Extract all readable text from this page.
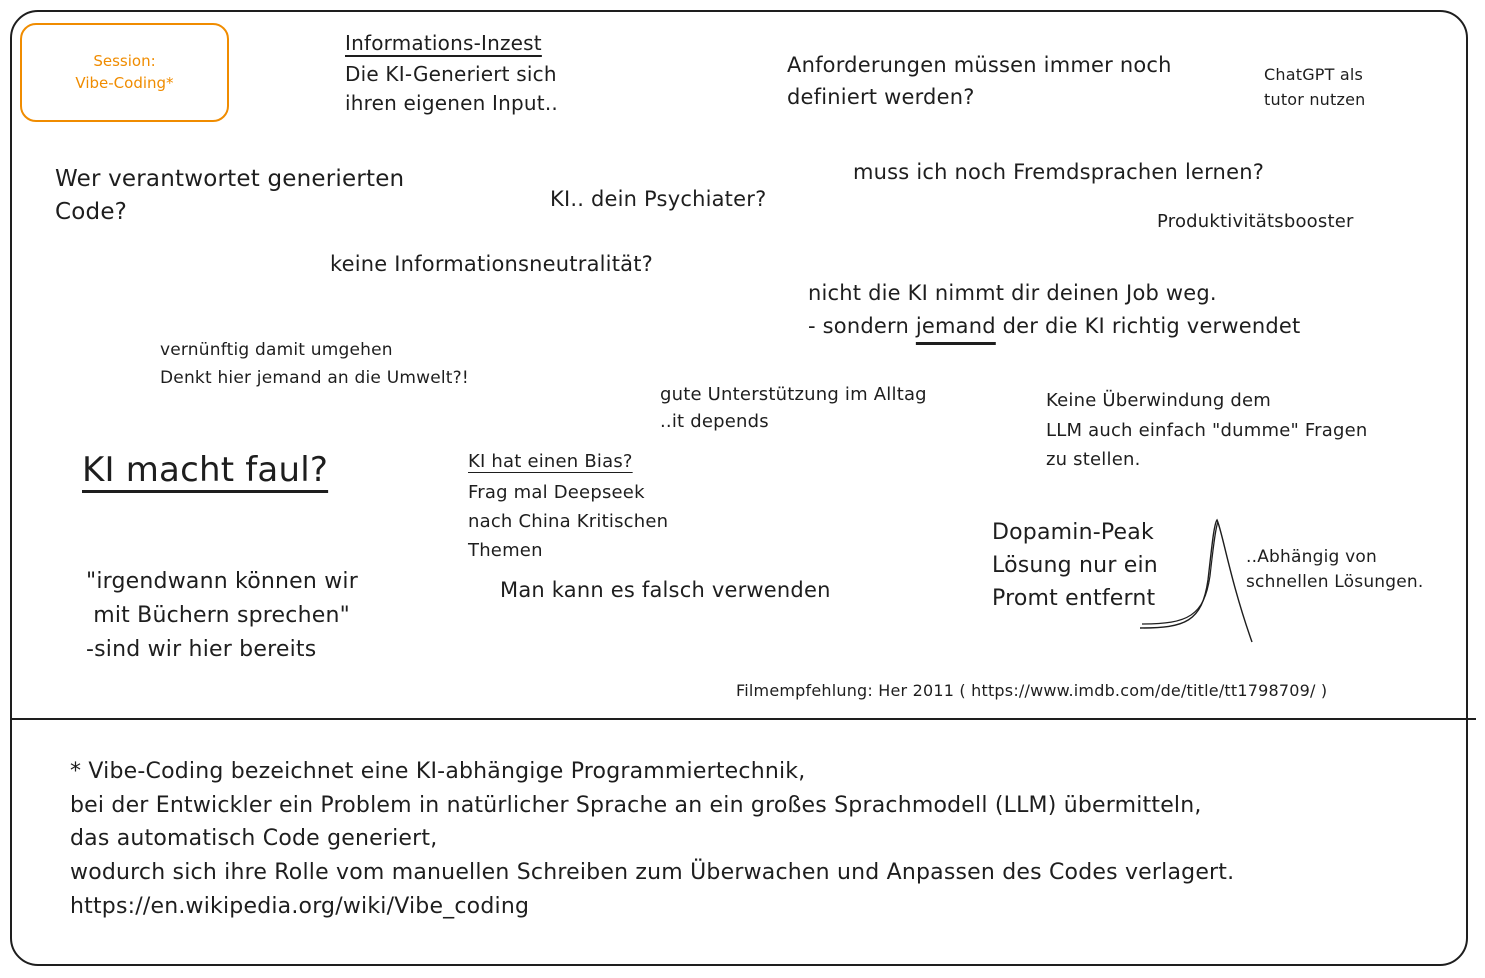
Session:
Vibe-Coding*
Informations-Inzest
Die KI-Generiert sich
ihren eigenen Input..
Anforderungen müssen immer noch
definiert werden?
ChatGPT als
tutor nutzen
Wer verantwortet generierten
Code?
KI.. dein Psychiater?
muss ich noch Fremdsprachen lernen?
Produktivitätsbooster
keine Informationsneutralität?
nicht die KI nimmt dir deinen Job weg.
- sondern jemand der die KI richtig verwendet
vernünftig damit umgehen
Denkt hier jemand an die Umwelt?!
gute Unterstützung im Alltag
..it depends
Keine Überwindung dem
LLM auch einfach "dumme" Fragen
zu stellen.
KI macht faul?	KI hat einen Bias?
Frag mal Deepseek
nach China Kritischen
Themen
Dopamin-Peak
Lösung nur ein
Promt entfernt
..Abhängig von
schnellen Lösungen.
"irgendwann können wir
mit Büchern sprechen"
-sind wir hier bereits
Man kann es falsch verwenden
Filmempfehlung: Her 2011 ( https://www.imdb.com/de/title/tt1798709/ )
* Vibe-Coding bezeichnet eine KI-abhängige Programmiertechnik,
bei der Entwickler ein Problem in natürlicher Sprache an ein großes Sprachmodell (LLM) übermitteln,
das automatisch Code generiert,
wodurch sich ihre Rolle vom manuellen Schreiben zum Überwachen und Anpassen des Codes verlagert.
https://en.wikipedia.org/wiki/Vibe_coding
